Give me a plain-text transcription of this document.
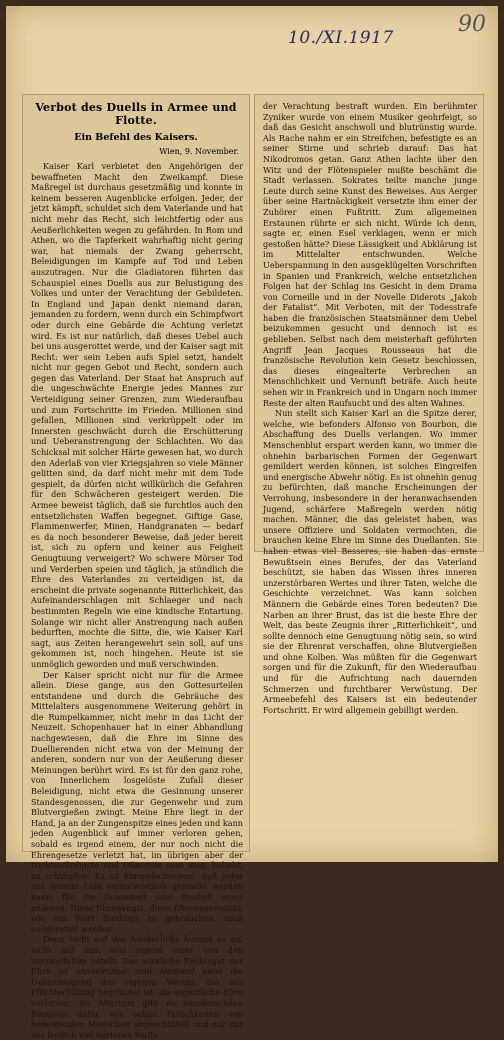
10./XI.1917
90
Verbot des Duells in Armee und Flotte.
Ein Befehl des Kaisers.
Wien, 9. November.

Kaiser Karl verbietet den Angehörigen der bewaffneten Macht den Zweikampf. Diese Maßregel ist durchaus gesetzmäßig und konnte in keinem besseren Augenblicke erfolgen. Jeder, der jetzt kämpft, schuldet sich dem Vaterlande und hat nicht mehr das Recht, sich leichtfertig oder aus Aeußerlichkeiten wegen zu gefährden. In Rom und Athen, wo die Tapferkeit wahrhaftig nicht gering war, hat niemals der Zwang geherrscht, Beleidigungen im Kampfe auf Tod und Leben auszutragen. Nur die Gladiatoren führten das Schauspiel eines Duells aus zur Belustigung des Volkes und unter der Verachtung der Gebildeten. In England und Japan denkt niemand daran, jemanden zu fordern, wenn durch ein Schimpfwort oder durch eine Gebärde die Achtung verletzt wird. Es ist nur natürlich, daß dieses Uebel auch bei uns ausgerottet werde, und der Kaiser sagt mit Recht: wer sein Leben aufs Spiel setzt, handelt nicht nur gegen Gebot und Recht, sondern auch gegen das Vaterland. Der Staat hat Anspruch auf die ungeschwächte Energie jedes Mannes zur Verteidigung seiner Grenzen, zum Wiederaufbau und zum Fortschritte im Frieden. Millionen sind gefallen, Millionen sind verkrüppelt oder im Innersten geschwächt durch die Erschütterung und Ueberanstrengung der Schlachten. Wo das Schicksal mit solcher Härte gewesen hat, wo durch den Aderlaß von vier Kriegsjahren so viele Männer gelitten sind, da darf nicht mehr mit dem Tode gespielt, da dürfen nicht willkürlich die Gefahren für den Schwächeren gesteigert werden. Die Armee beweist täglich, daß sie furchtlos auch den entsetzlichsten Waffen begegnet. Giftige Gase, Flammenwerfer, Minen, Handgranaten — bedarf es da noch besonderer Beweise, daß jeder bereit ist, sich zu opfern und keiner aus Feigheit Genugtuung verweigert? Wo schwere Mörser Tod und Verderben speien und täglich, ja stündlich die Ehre des Vaterlandes zu verteidigen ist, da erscheint die private sogenannte Ritterlichkeit, das Aufeinanderschlagen mit Schlaeger und nach bestimmten Regeln wie eine kindische Entartung. Solange wir nicht aller Anstrengung nach außen bedurften, mochte die Sitte, die, wie Kaiser Karl sagt, aus Zeiten herangewehrt sein soll, auf uns gekommen ist, noch hingehen. Heute ist sie unmöglich geworden und muß verschwinden.

Der Kaiser spricht nicht nur für die Armee allein. Diese gange, aus den Gottesurteilen entstandene und durch die Gebräuche des Mittelalters ausgenommene Weiterung gehört in die Rumpelkammer, nicht mehr in das Licht der Neuzeit. Schopenhauer hat in einer Abhandlung nachgewiesen, daß die Ehre im Sinne des Duellierenden nicht etwa von der Meinung der anderen, sondern nur von der Aeußerung dieser Meinungen berührt wird. Es ist für den ganz rohe, von Innerlichem losgelöste Zufall dieser Beleidigung, nicht etwa die Gesinnung unserer Standesgenossen, die zur Gegenwehr und zum Blutvergießen zwingt. Meine Ehre liegt in der Hand, ja an der Zungenspitze eines jeden und kann jeden Augenblick auf immer verloren gehen, sobald es irgend einem, der nur noch nicht die Ehrengesetze verletzt hat, im übrigen aber der Nichtswürdigste und Dümmste sein mag, beliebt, zu schimpfen. Es ist himmelschreiend, daß jeder mit seinem Leib verantwortlich gemacht werden kann, für die Dummheit oder Bosheit eines anderen. Diese Ehrenangst, diese Ehrennervosität, wie ein Wort Bindings zu gebrauchen, muß ausgerottet werden.

Denn nicht auf das Aeußerliche kommt es an, nicht auf das, was irgend einer von den Verzweifelten urteilt. Das wirkliche Rechtsgut der Ehre ist unverletzbar und niemand kann die Ueberzeugung des eigenen Wertes, die aus Pflichterfüllung begründet ist, die eigentliche Ehre verletzen. Im Altertum gibt es wunderschöne Beispiele dafür, wie selbst Tätlichkeiten von bedeutenden Menschen abgeschüttelt und nur mit der freilich viel härteren Waffe

der Verachtung bestraft wurden. Ein berühmter Zyniker wurde von einem Musiker geohrfeigt, so daß das Gesicht anschwoll und blutrünstig wurde. Als Rache nahm er ein Streifchen, befestigte es an seiner Stirne und schrieb darauf: Das hat Nikodromos getan. Ganz Athen lachte über den Witz und der Flötenspieler mußte beschämt die Stadt verlassen. Sokrates teilte manche junge Leute durch seine Kunst des Beweises. Aus Aerger über seine Hartnäckigkeit versetzte ihm einer der Zuhörer einen Fußtritt. Zum allgemeinen Erstaunen rührte er sich nicht. Würde ich denn, sagte er, einen Esel verklagen, wenn er mich gestoßen hätte? Diese Lässigkeit und Abklärung ist im Mittelalter entschwunden. Welche Ueberspannung in den ausgeklügelten Vorschriften in Spanien und Frankreich, welche entsetzlichen Folgen hat der Schlag ins Gesicht in dem Drama von Corneille und in der Novelle Diderots „Jakob der Fatalist“. Mit Verboten, mit der Todesstrafe haben die französischen Staatsmänner dem Uebel beizukommen gesucht und dennoch ist es geblieben. Selbst nach dem meisterhaft geführten Angriff Jean Jacques Rousseaus hat die französische Revolution kein Gesetz beschlossen, das dieses eingealterte Verbrechen an Menschlichkeit und Vernunft beträfe. Auch heute sehen wir in Frankreich und in Ungarn noch immer Reste der alten Raufsucht und des alten Wahnes.

Nun stellt sich Kaiser Karl an die Spitze derer, welche, wie befonders Alfonso von Bourbon, die Abschaffung des Duells verlangen. Wo immer Menschenblut erspart werden kann, wo immer die ohnehin barbarischen Formen der Gegenwart gemildert werden können, ist solches Eingreifen und energische Abwehr nötig. Es ist ohnehin genug zu befürchten, daß manche Erscheinungen der Verrohung, insbesondere in der heranwachsenden Jugend, schärfere Maßregeln werden nötig machen. Männer, die das geleistet haben, was unsere Offiziere und Soldaten vermochten, die brauchen keine Ehre im Sinne des Duellanten. Sie haben etwas viel Besseres, sie haben das ernste Bewußtsein eines Berufes, der das Vaterland beschützt, sie haben das Wissen ihres inneren unzerstörbaren Wertes und ihrer Taten, welche die Geschichte verzeichnet. Was kann solchen Männern die Gebärde eines Toren bedeuten? Die Narben an ihrer Brust, das ist die beste Ehre der Welt, das beste Zeugnis ihrer „Ritterlichkeit“, und sollte dennoch eine Genugtuung nötig sein, so wird sie der Ehrenrat verschaffen, ohne Blutvergießen und ohne Kolben. Was müßten für die Gegenwart sorgen und für die Zukunft, für den Wiederaufbau und für die Aufrichtung nach dauernden Schmerzen und furchtbarer Verwüstung. Der Armeebefehl des Kaisers ist ein bedeutender Fortschritt. Er wird allgemein gebilligt werden.
